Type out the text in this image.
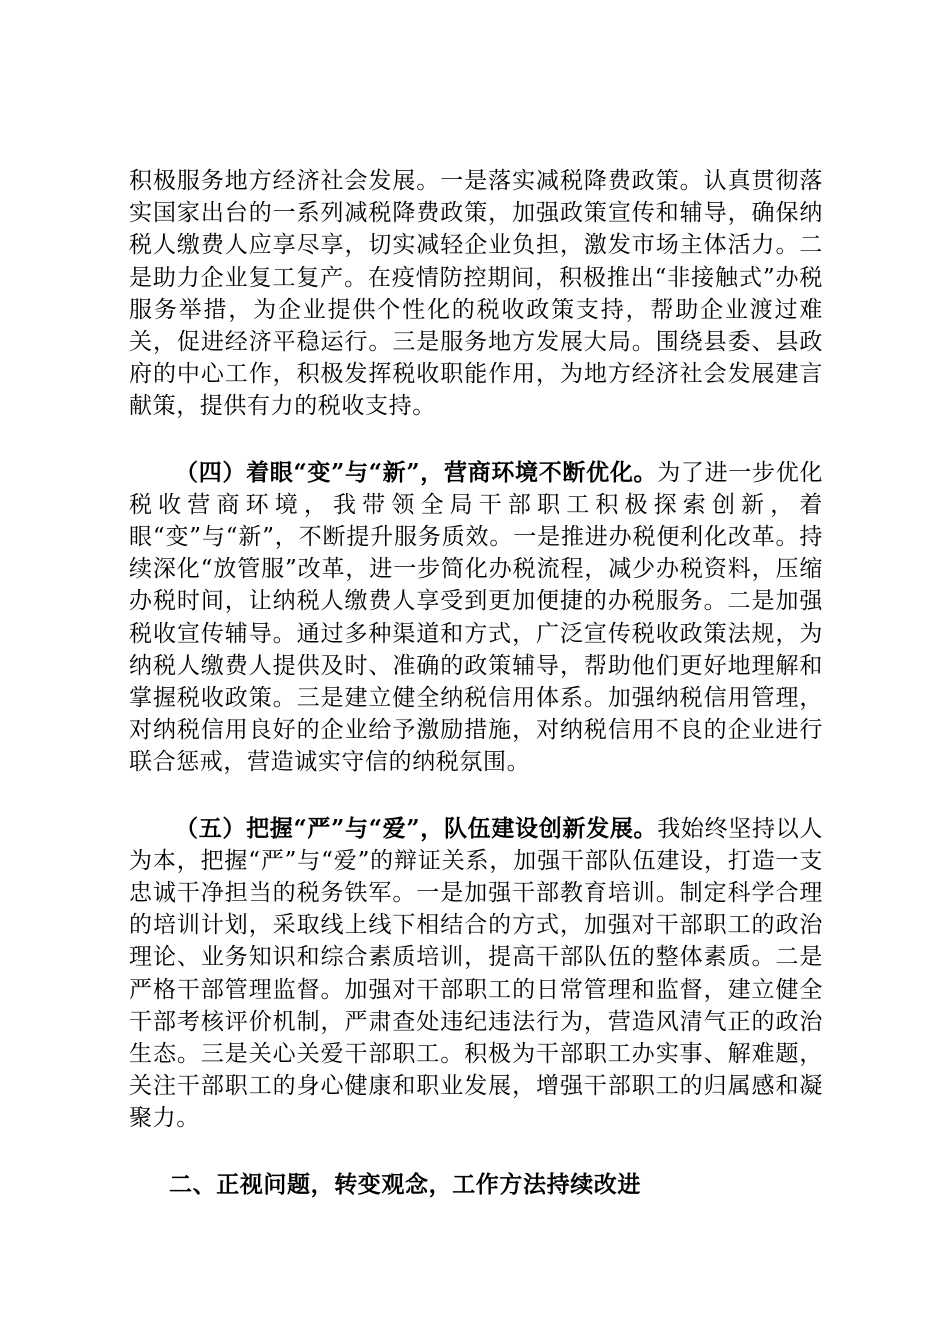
积极服务地方经济社会发展。一是落实减税降费政策。认真贯彻落实国家出台的一系列减税降费政策，加强政策宣传和辅导，确保纳税人缴费人应享尽享，切实减轻企业负担，激发市场主体活力。二是助力企业复工复产。在疫情防控期间，积极推出“非接触式”办税服务举措，为企业提供个性化的税收政策支持，帮助企业渡过难关，促进经济平稳运行。三是服务地方发展大局。围绕县委、县政府的中心工作，积极发挥税收职能作用，为地方经济社会发展建言献策，提供有力的税收支持。

（四）着眼“变”与“新”，营商环境不断优化。为了进一步优化税收营商环境，我带领全局干部职工积极探索创新，着眼“变”与“新”，不断提升服务质效。一是推进办税便利化改革。持续深化“放管服”改革，进一步简化办税流程，减少办税资料，压缩办税时间，让纳税人缴费人享受到更加便捷的办税服务。二是加强税收宣传辅导。通过多种渠道和方式，广泛宣传税收政策法规，为纳税人缴费人提供及时、准确的政策辅导，帮助他们更好地理解和掌握税收政策。三是建立健全纳税信用体系。加强纳税信用管理，对纳税信用良好的企业给予激励措施，对纳税信用不良的企业进行联合惩戒，营造诚实守信的纳税氛围。

（五）把握“严”与“爱”，队伍建设创新发展。我始终坚持以人为本，把握“严”与“爱”的辩证关系，加强干部队伍建设，打造一支忠诚干净担当的税务铁军。一是加强干部教育培训。制定科学合理的培训计划，采取线上线下相结合的方式，加强对干部职工的政治理论、业务知识和综合素质培训，提高干部队伍的整体素质。二是严格干部管理监督。加强对干部职工的日常管理和监督，建立健全干部考核评价机制，严肃查处违纪违法行为，营造风清气正的政治生态。三是关心关爱干部职工。积极为干部职工办实事、解难题，关注干部职工的身心健康和职业发展，增强干部职工的归属感和凝聚力。

二、正视问题，转变观念，工作方法持续改进
